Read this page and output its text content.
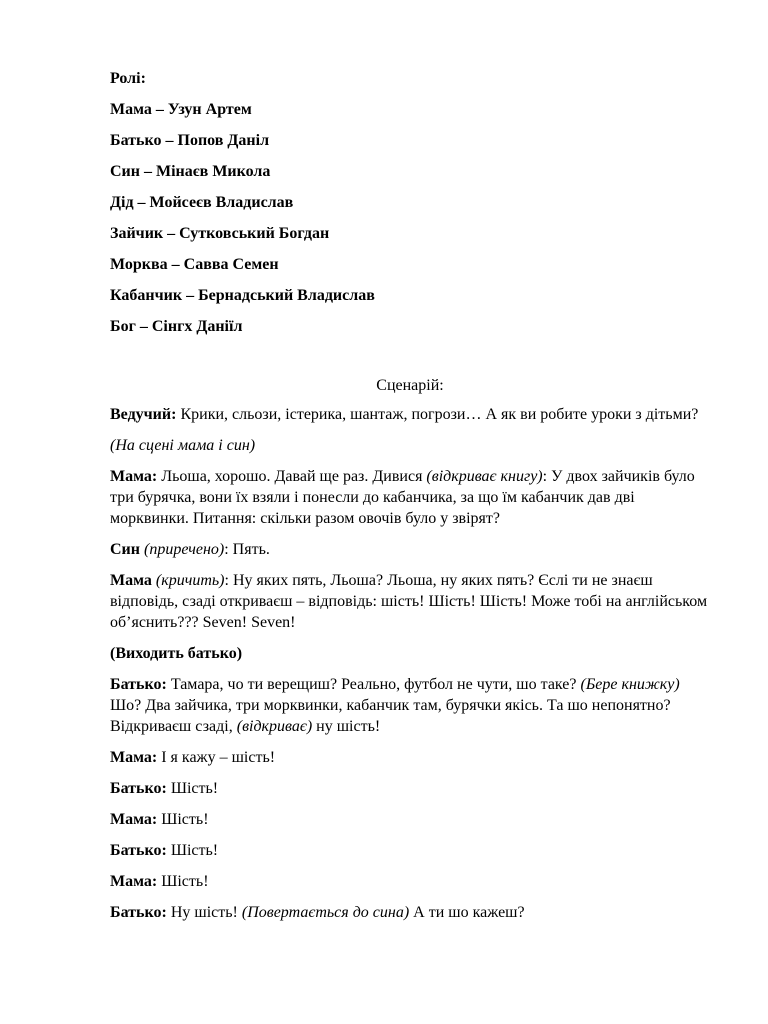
Ролі:

Мама – Узун Артем

Батько – Попов Даніл

Син – Мінаєв Микола

Дід – Мойсеєв Владислав

Зайчик – Сутковський Богдан

Морква – Савва Семен

Кабанчик – Бернадський Владислав

Бог – Сінгх Даніїл

Сценарій:

Ведучий: Крики, сльози, істерика, шантаж, погрози… А як ви робите уроки з дітьми?

(На сцені мама і син)

Мама: Льоша, хорошо. Давай ще раз. Дивися (відкриває книгу): У двох зайчиків було три бурячка, вони їх взяли і понесли до кабанчика, за що їм кабанчик дав дві морквинки. Питання: скільки разом овочів було у звірят?

Син (приречено): Пять.

Мама (кричить): Ну яких пять, Льоша? Льоша, ну яких пять? Єслі ти не знаєш відповідь, сзаді откриваєш – відповідь: шість! Шість! Шість! Може тобі на англійськом об’яснить??? Seven! Seven!

(Виходить батько)

Батько: Тамара, чо ти верещиш? Реально, футбол не чути, шо таке? (Бере книжку) Шо? Два зайчика, три морквинки, кабанчик там, бурячки якісь. Та шо непонятно? Відкриваєш сзаді, (відкриває) ну шість!

Мама: І я кажу – шість!

Батько: Шість!

Мама: Шість!

Батько: Шість!

Мама: Шість!

Батько: Ну шість! (Повертається до сина) А ти шо кажеш?
